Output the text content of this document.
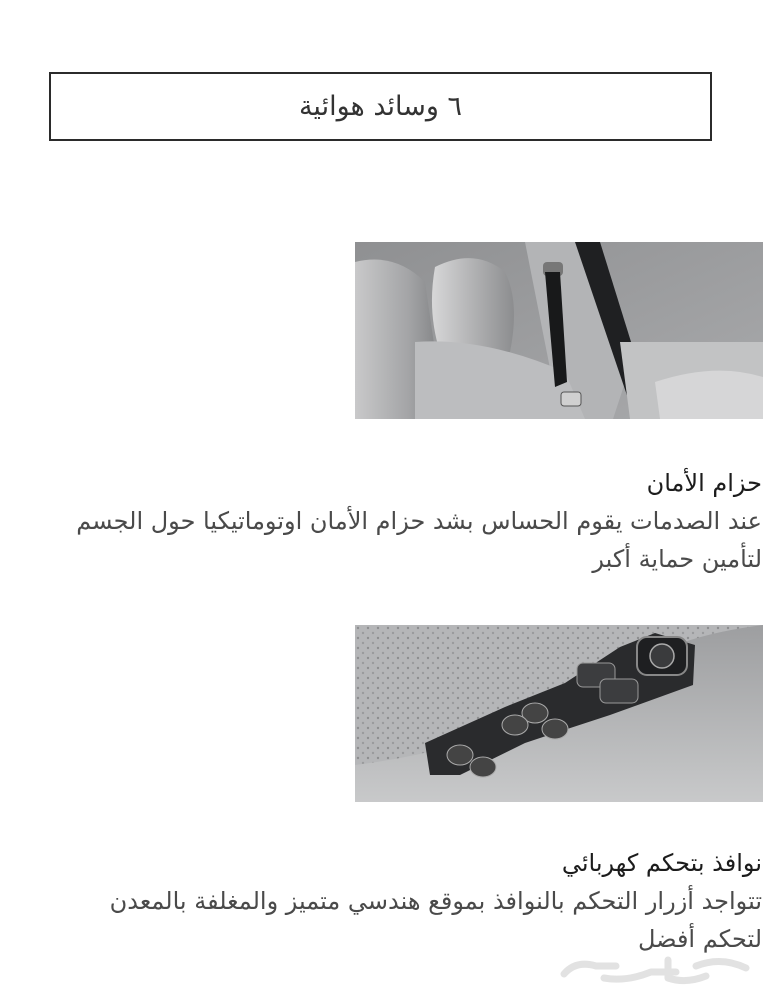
٦ وسائد هوائية
حزام الأمان

عند الصدمات يقوم الحساس بشد حزام الأمان اوتوماتيكيا حول الجسم لتأمين حماية أكبر

نوافذ بتحكم كهربائي

تتواجد أزرار التحكم بالنوافذ بموقع هندسي متميز والمغلفة بالمعدن لتحكم أفضل
